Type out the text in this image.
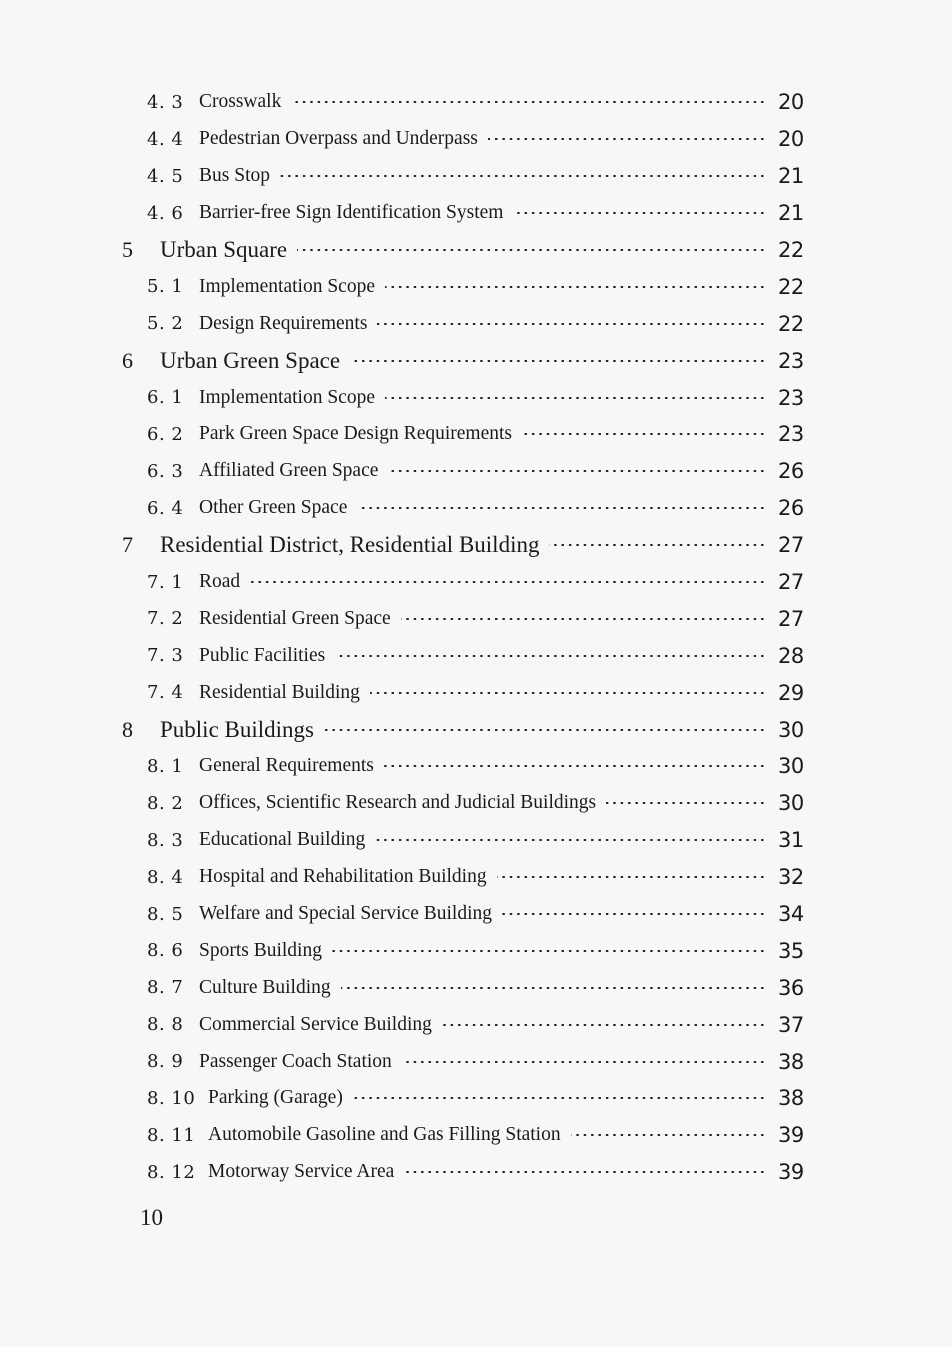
4. 3 Crosswalk	20
4. 4 Pedestrian Overpass and Underpass	20
4. 5 Bus Stop	21
4. 6 Barrier-free Sign Identification System	21
5 Urban Square	22
5. 1 Implementation Scope	22
5. 2 Design Requirements	22
6 Urban Green Space	23
6. 1 Implementation Scope	23
6. 2 Park Green Space Design Requirements	23
6. 3 Affiliated Green Space	26
6. 4 Other Green Space	26
7 Residential District, Residential Building	27
7. 1 Road	27
7. 2 Residential Green Space	27
7. 3 Public Facilities	28
7. 4 Residential Building	29
8 Public Buildings	30
8. 1 General Requirements	30
8. 2 Offices, Scientific Research and Judicial Buildings	30
8. 3 Educational Building	31
8. 4 Hospital and Rehabilitation Building	32
8. 5 Welfare and Special Service Building	34
8. 6 Sports Building	35
8. 7 Culture Building	36
8. 8 Commercial Service Building	37
8. 9 Passenger Coach Station	38
8. 10 Parking (Garage)	38
8. 11 Automobile Gasoline and Gas Filling Station	39
8. 12 Motorway Service Area	39
10
